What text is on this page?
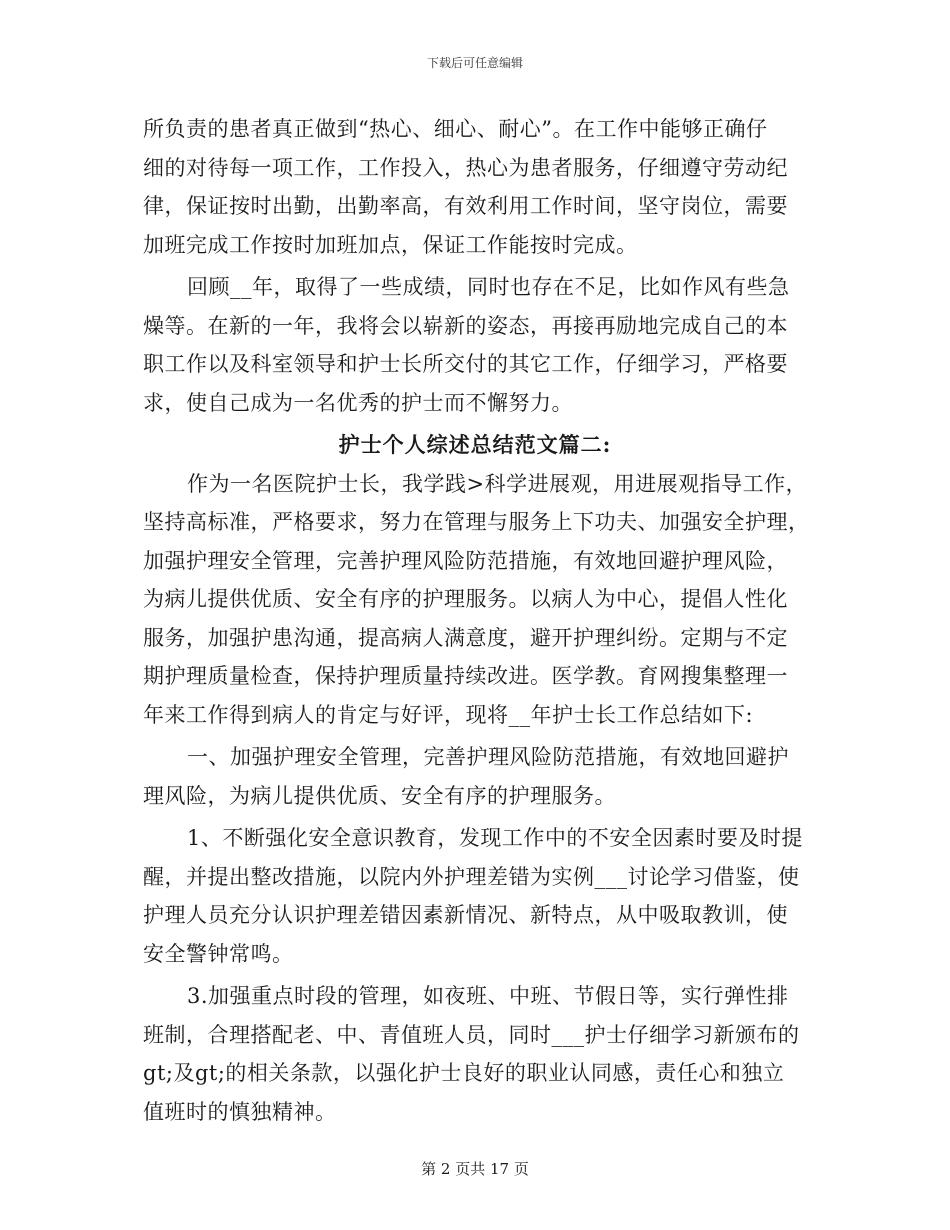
下载后可任意编辑
所负责的患者真正做到“热心、细心、耐心”。在工作中能够正确仔
细的对待每一项工作，工作投入，热心为患者服务，仔细遵守劳动纪
律，保证按时出勤，出勤率高，有效利用工作时间，坚守岗位，需要
加班完成工作按时加班加点，保证工作能按时完成。
回顾__年，取得了一些成绩，同时也存在不足，比如作风有些急
燥等。在新的一年，我将会以崭新的姿态，再接再励地完成自己的本
职工作以及科室领导和护士长所交付的其它工作，仔细学习，严格要
求，使自己成为一名优秀的护士而不懈努力。
护士个人综述总结范文篇二:
作为一名医院护士长，我学践>科学进展观，用进展观指导工作，
坚持高标准，严格要求，努力在管理与服务上下功夫、加强安全护理，
加强护理安全管理，完善护理风险防范措施，有效地回避护理风险，
为病儿提供优质、安全有序的护理服务。以病人为中心，提倡人性化
服务，加强护患沟通，提高病人满意度，避开护理纠纷。定期与不定
期护理质量检查，保持护理质量持续改进。医学教。育网搜集整理一
年来工作得到病人的肯定与好评，现将__年护士长工作总结如下:
一、加强护理安全管理，完善护理风险防范措施，有效地回避护
理风险，为病儿提供优质、安全有序的护理服务。
1、不断强化安全意识教育，发现工作中的不安全因素时要及时提
醒，并提出整改措施，以院内外护理差错为实例___讨论学习借鉴，使
护理人员充分认识护理差错因素新情况、新特点，从中吸取教训，使
安全警钟常鸣。
3.加强重点时段的管理，如夜班、中班、节假日等，实行弹性排
班制，合理搭配老、中、青值班人员，同时___护士仔细学习新颁布的
gt;及gt;的相关条款，以强化护士良好的职业认同感，责任心和独立
值班时的慎独精神。
第 2 页共 17 页
